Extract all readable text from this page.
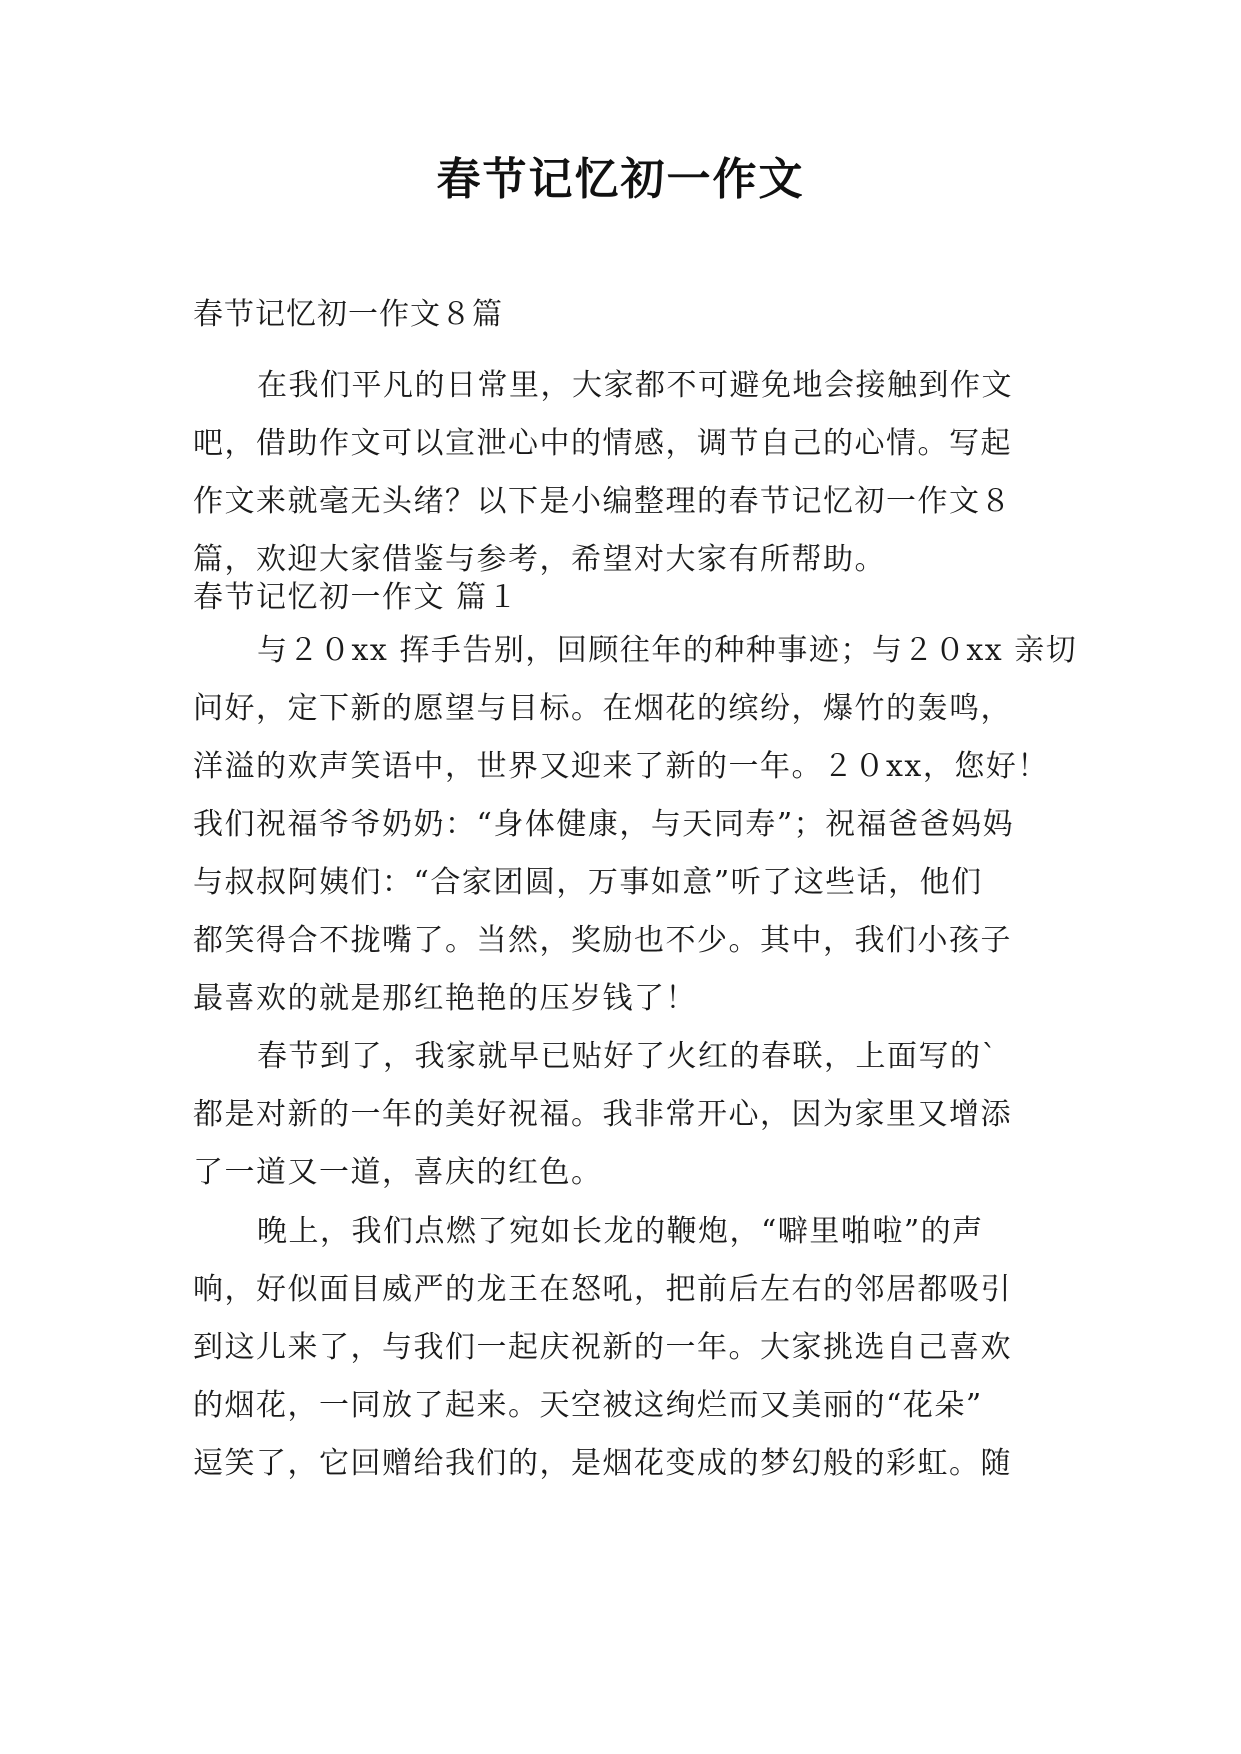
春节记忆初一作文
春节记忆初一作文８篇
在我们平凡的日常里，大家都不可避免地会接触到作文
吧，借助作文可以宣泄心中的情感，调节自己的心情。写起
作文来就毫无头绪？以下是小编整理的春节记忆初一作文８
篇，欢迎大家借鉴与参考，希望对大家有所帮助。
春节记忆初一作文 篇１
与２０xx 挥手告别，回顾往年的种种事迹；与２０xx 亲切
问好，定下新的愿望与目标。在烟花的缤纷，爆竹的轰鸣，
洋溢的欢声笑语中，世界又迎来了新的一年。２０xx，您好！
我们祝福爷爷奶奶：“身体健康，与天同寿”；祝福爸爸妈妈
与叔叔阿姨们：“合家团圆，万事如意”听了这些话，他们
都笑得合不拢嘴了。当然，奖励也不少。其中，我们小孩子
最喜欢的就是那红艳艳的压岁钱了！
春节到了，我家就早已贴好了火红的春联，上面写的`
都是对新的一年的美好祝福。我非常开心，因为家里又增添
了一道又一道，喜庆的红色。
晚上，我们点燃了宛如长龙的鞭炮，“噼里啪啦”的声
响，好似面目威严的龙王在怒吼，把前后左右的邻居都吸引
到这儿来了，与我们一起庆祝新的一年。大家挑选自己喜欢
的烟花，一同放了起来。天空被这绚烂而又美丽的“花朵”
逗笑了，它回赠给我们的，是烟花变成的梦幻般的彩虹。随
